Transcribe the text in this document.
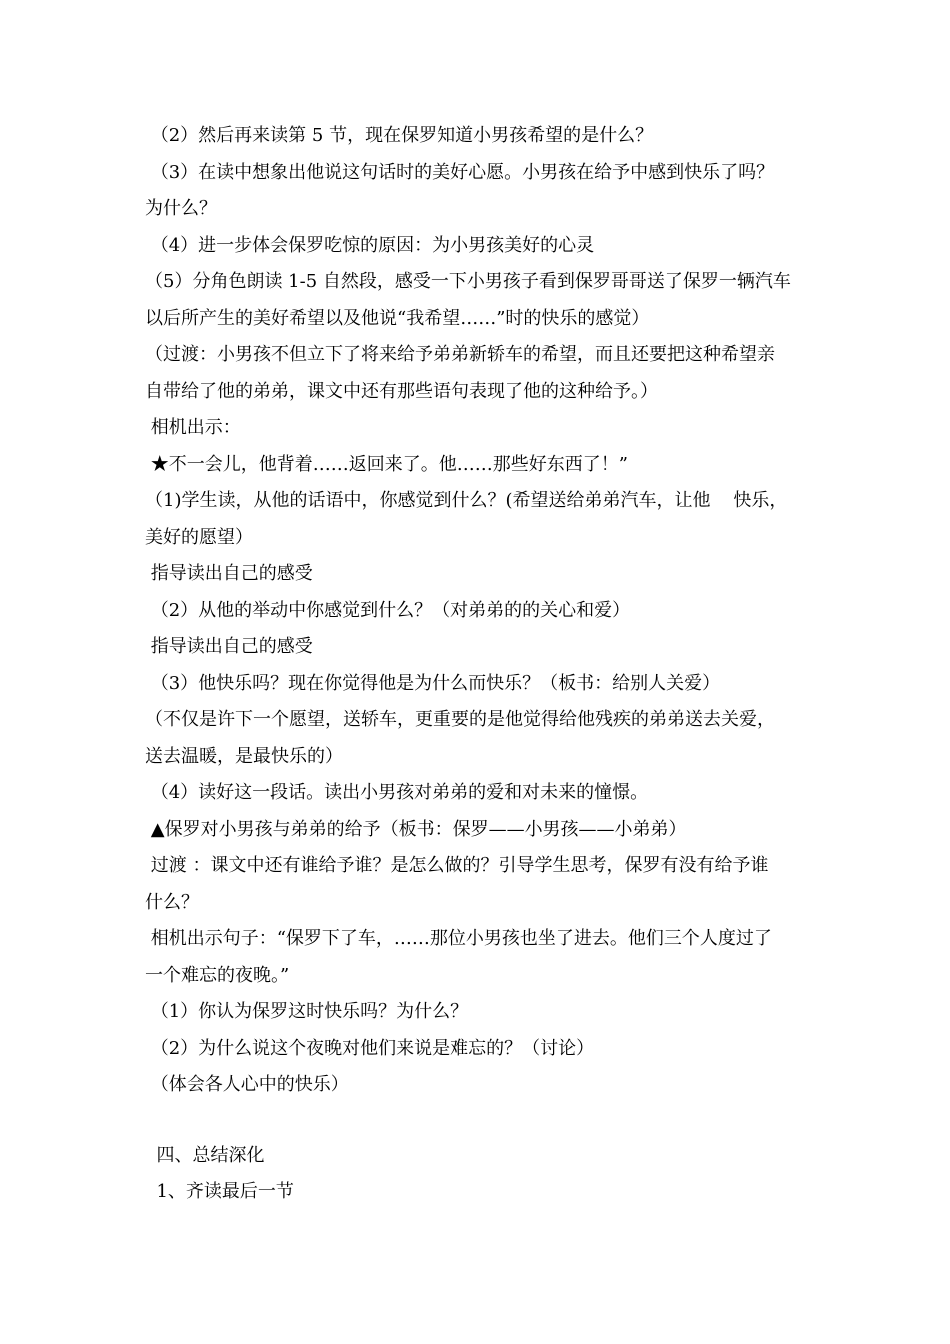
（2）然后再来读第 5 节，现在保罗知道小男孩希望的是什么？

（3）在读中想象出他说这句话时的美好心愿。小男孩在给予中感到快乐了吗？

为什么？

（4）进一步体会保罗吃惊的原因：为小男孩美好的心灵

（5）分角色朗读 1-5 自然段，感受一下小男孩子看到保罗哥哥送了保罗一辆汽车

以后所产生的美好希望以及他说“我希望……”时的快乐的感觉）

（过渡：小男孩不但立下了将来给予弟弟新轿车的希望，而且还要把这种希望亲

自带给了他的弟弟，课文中还有那些语句表现了他的这种给予。）

相机出示：

★不一会儿，他背着……返回来了。他……那些好东西了！”

（1)学生读，从他的话语中，你感觉到什么？(希望送给弟弟汽车，让他    快乐，

美好的愿望）

指导读出自己的感受

（2）从他的举动中你感觉到什么？（对弟弟的的关心和爱）

指导读出自己的感受

（3）他快乐吗？现在你觉得他是为什么而快乐？（板书：给别人关爱）

（不仅是许下一个愿望，送轿车，更重要的是他觉得给他残疾的弟弟送去关爱，

送去温暖，是最快乐的）

（4）读好这一段话。读出小男孩对弟弟的爱和对未来的憧憬。

▲保罗对小男孩与弟弟的给予（板书：保罗——小男孩——小弟弟）

过渡 ：课文中还有谁给予谁？是怎么做的？引导学生思考，保罗有没有给予谁

什么？

相机出示句子：“保罗下了车，……那位小男孩也坐了进去。他们三个人度过了

一个难忘的夜晚。”

（1）你认为保罗这时快乐吗？为什么？

（2）为什么说这个夜晚对他们来说是难忘的？（讨论）

（体会各人心中的快乐）

四、总结深化

1、齐读最后一节
